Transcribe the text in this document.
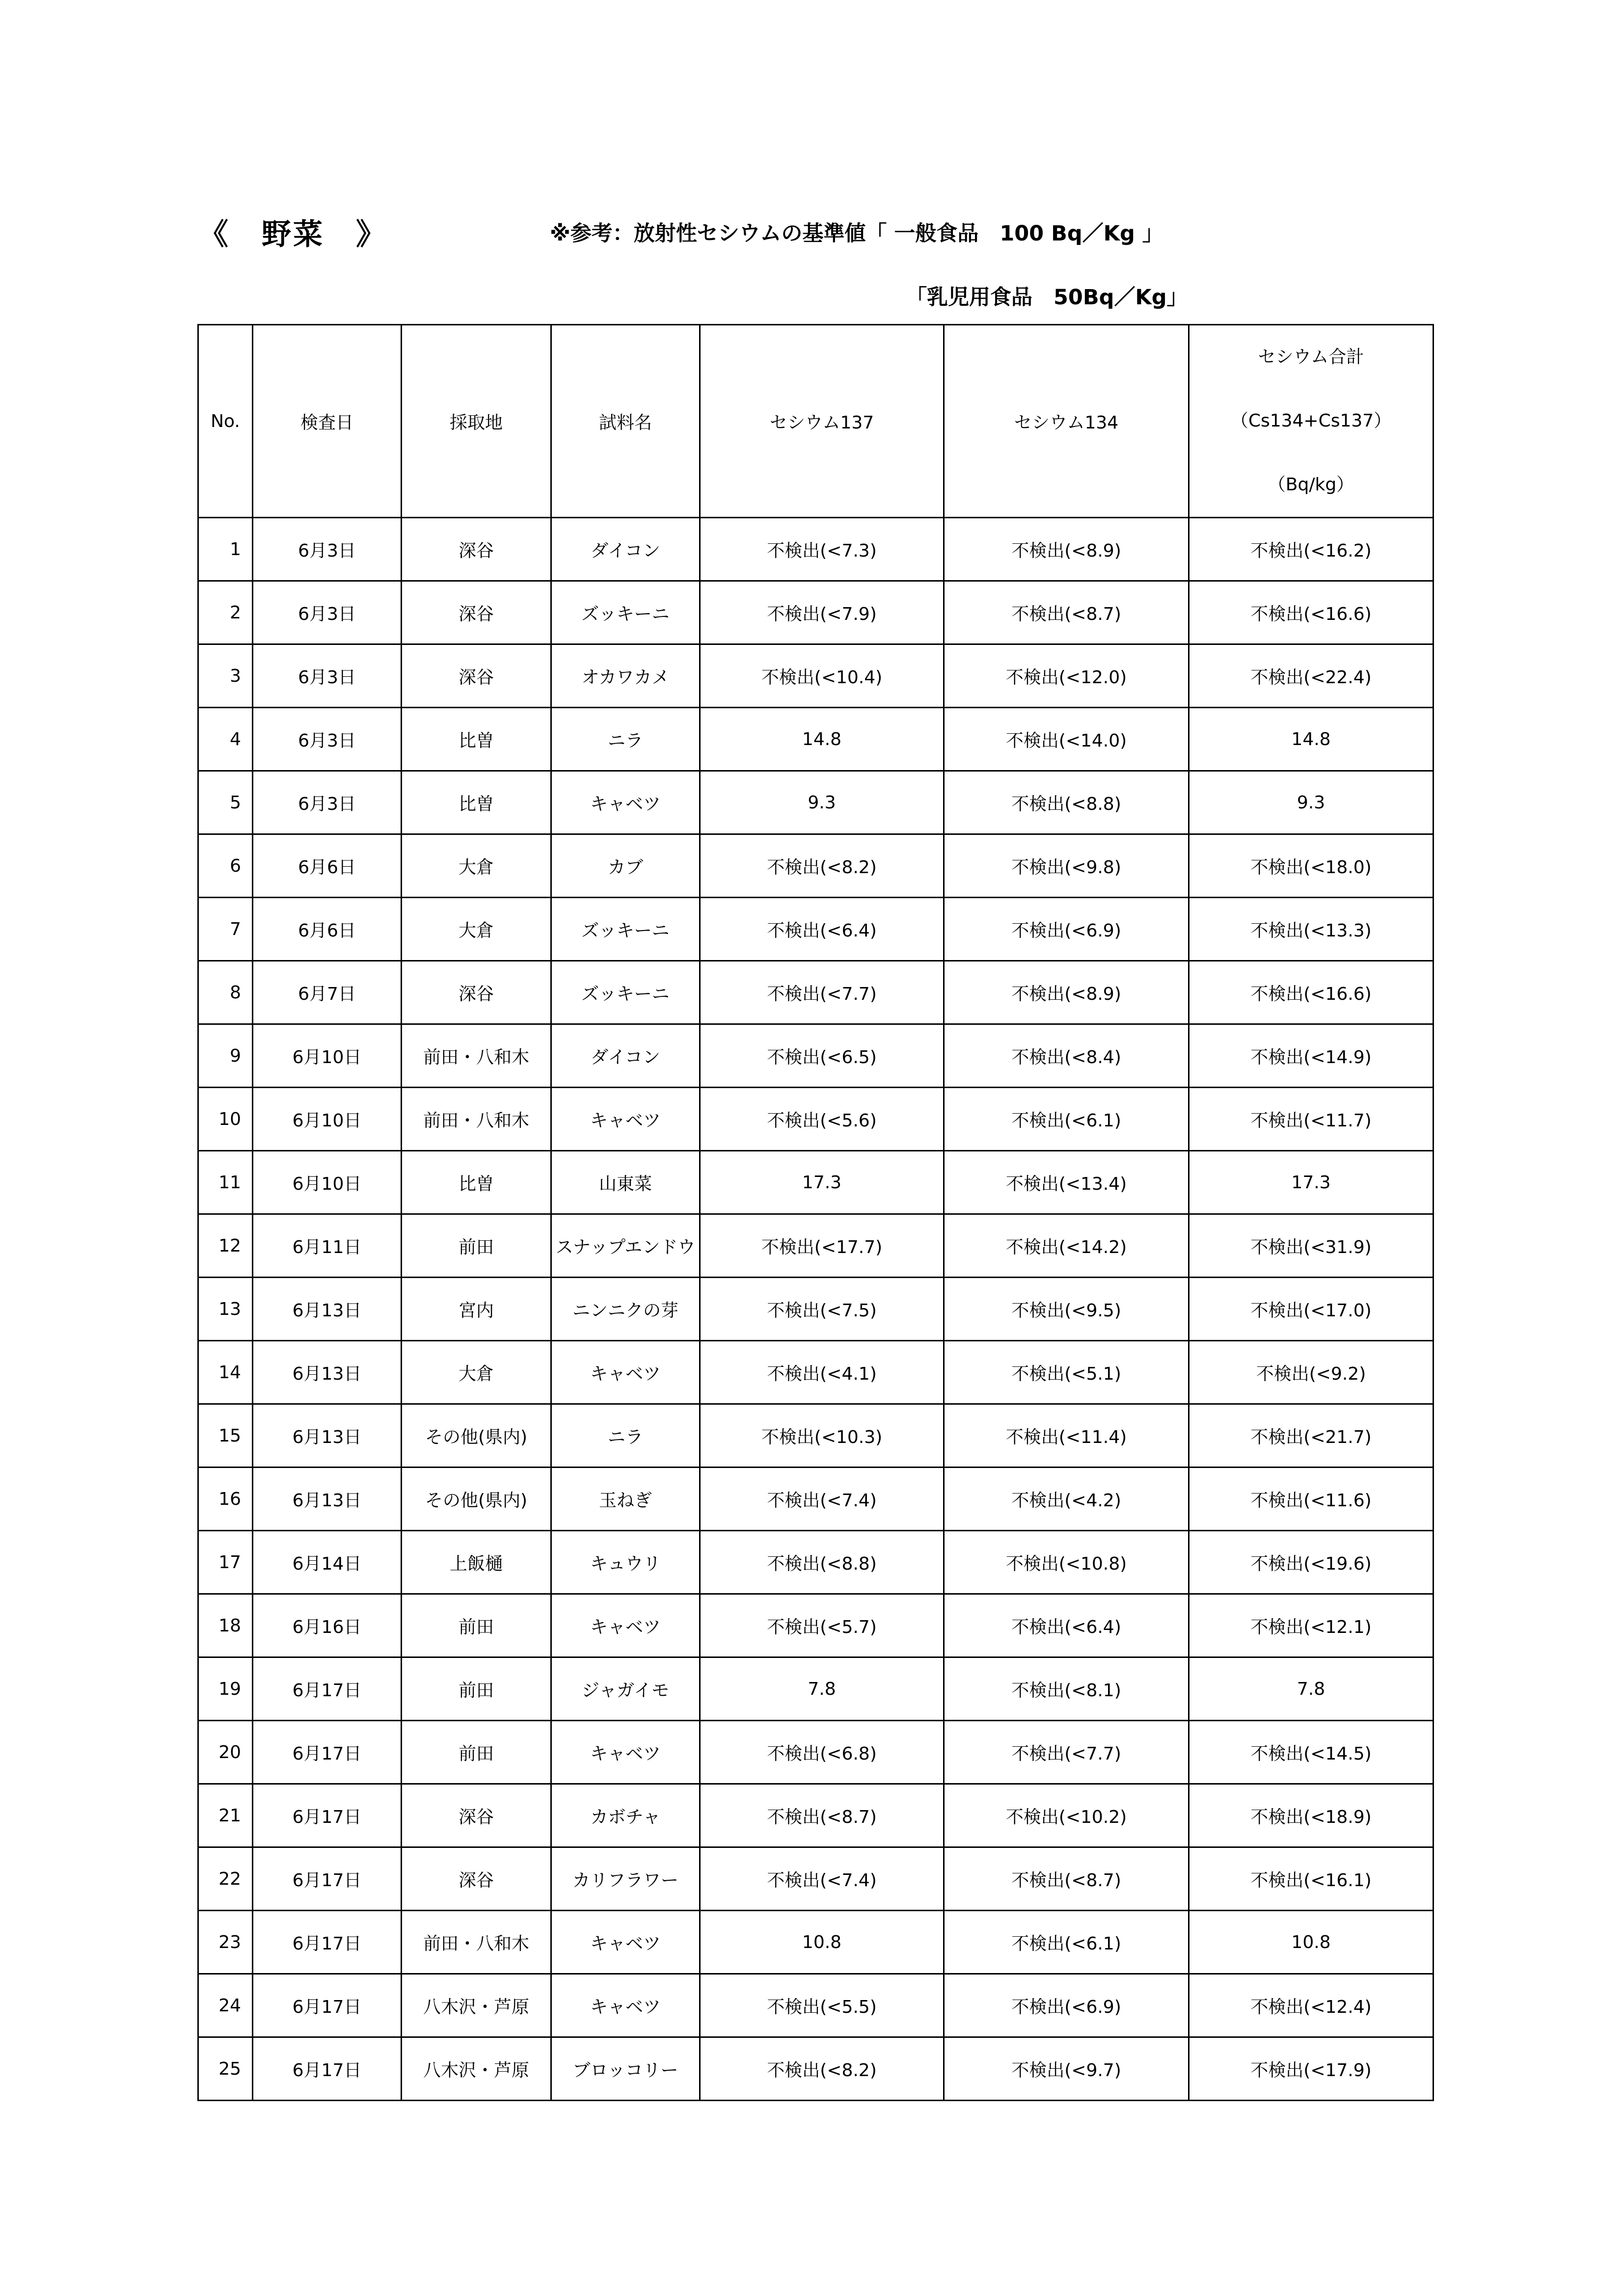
《　野菜　》	※参考：放射性セシウムの基準値「 一般食品　100 Bq／Kg 」
「乳児用食品　50Bq／Kg」
No.	検査日	採取地	試料名	セシウム137	セシウム134	セシウム合計
（Cs134+Cs137）
（Bq/kg）

1	6月3日	深谷	ダイコン	不検出(<7.3)	不検出(<8.9)	不検出(<16.2)
2	6月3日	深谷	ズッキーニ	不検出(<7.9)	不検出(<8.7)	不検出(<16.6)
3	6月3日	深谷	オカワカメ	不検出(<10.4)	不検出(<12.0)	不検出(<22.4)
4	6月3日	比曽	ニラ	14.8	不検出(<14.0)	14.8
5	6月3日	比曽	キャベツ	9.3	不検出(<8.8)	9.3
6	6月6日	大倉	カブ	不検出(<8.2)	不検出(<9.8)	不検出(<18.0)
7	6月6日	大倉	ズッキーニ	不検出(<6.4)	不検出(<6.9)	不検出(<13.3)
8	6月7日	深谷	ズッキーニ	不検出(<7.7)	不検出(<8.9)	不検出(<16.6)
9	6月10日	前田・八和木	ダイコン	不検出(<6.5)	不検出(<8.4)	不検出(<14.9)
10	6月10日	前田・八和木	キャベツ	不検出(<5.6)	不検出(<6.1)	不検出(<11.7)
11	6月10日	比曽	山東菜	17.3	不検出(<13.4)	17.3
12	6月11日	前田	スナップエンドウ	不検出(<17.7)	不検出(<14.2)	不検出(<31.9)
13	6月13日	宮内	ニンニクの芽	不検出(<7.5)	不検出(<9.5)	不検出(<17.0)
14	6月13日	大倉	キャベツ	不検出(<4.1)	不検出(<5.1)	不検出(<9.2)
15	6月13日	その他(県内)	ニラ	不検出(<10.3)	不検出(<11.4)	不検出(<21.7)
16	6月13日	その他(県内)	玉ねぎ	不検出(<7.4)	不検出(<4.2)	不検出(<11.6)
17	6月14日	上飯樋	キュウリ	不検出(<8.8)	不検出(<10.8)	不検出(<19.6)
18	6月16日	前田	キャベツ	不検出(<5.7)	不検出(<6.4)	不検出(<12.1)
19	6月17日	前田	ジャガイモ	7.8	不検出(<8.1)	7.8
20	6月17日	前田	キャベツ	不検出(<6.8)	不検出(<7.7)	不検出(<14.5)
21	6月17日	深谷	カボチャ	不検出(<8.7)	不検出(<10.2)	不検出(<18.9)
22	6月17日	深谷	カリフラワー	不検出(<7.4)	不検出(<8.7)	不検出(<16.1)
23	6月17日	前田・八和木	キャベツ	10.8	不検出(<6.1)	10.8
24	6月17日	八木沢・芦原	キャベツ	不検出(<5.5)	不検出(<6.9)	不検出(<12.4)
25	6月17日	八木沢・芦原	ブロッコリー	不検出(<8.2)	不検出(<9.7)	不検出(<17.9)
